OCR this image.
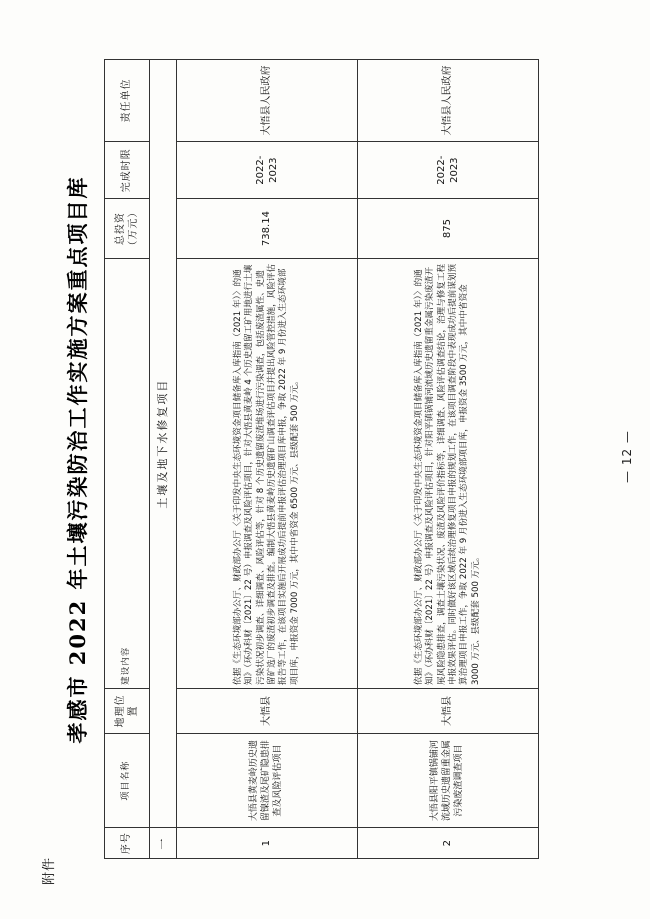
附件
孝感市 2022 年土壤污染防治工作实施方案重点项目库
序号	项目名称	地理位置	建设内容	总投资（万元）	完成时限	责任单位
一	土壤及地下水修复项目					
1	大悟县黄麦岭历史遗留镍渣及尾矿隐患排查及风险评估项目	大悟县	依据《生态环境部办公厅、财政部办公厅〈关于印发中央生态环境资金项目储备库入库指南（2021 年）〉的通知》（环办科财〔2021〕22 号）申报调查及风险评估项目，针对大悟县黄麦岭 4 个历史遗留工矿用地进行土壤污染状况初步调查、详细调查、风险评估等，针对 8 个历史遗留废渣堆场进行污染调查，包括废渣属性、史遗留矿选厂的废渣初步调查及排查。编制大悟县黄麦岭历史遗留矿山调查评估项目并提出风险管控措施，风险评估报告等工作，在该项目实施后开展成功后提前申报评估治理项目库申报，争取 2022 年 9 月份进入生态环境部项目库，申报资金 7000 万元，其中中省资金 6500 万元、县级配套 500 万元。	738.14	2022-2023	大悟县人民政府
2	大悟县阳平镇锅铺河流域历史遗留重金属污染废渣调查项目	大悟县	依据《生态环境部办公厅、财政部办公厅〈关于印发中央生态环境资金项目储备库入库指南（2021 年）〉的通知》（环办科财〔2021〕22 号）申报调查及风险评估项目，针对阳平镇锅铺河流域历史遗留重金属污染废渣开展风险隐患排查，调查土壤污染状况、废渣及风险评价指标等，详细调查、风险评估调查结论，治理与修复工程申报效果评估。同时做好该区域后续治理修复项目申报的规划工作，在该项目调查阶段中表现成功后提前谋划预算治理项目申报工作，争取 2022 年 9 月份进入生态环境部项目库，申报资金 3500 万元，其中中省资金 3000 万元、县级配套 500 万元。	875	2022-2023	大悟县人民政府
— 12 —
